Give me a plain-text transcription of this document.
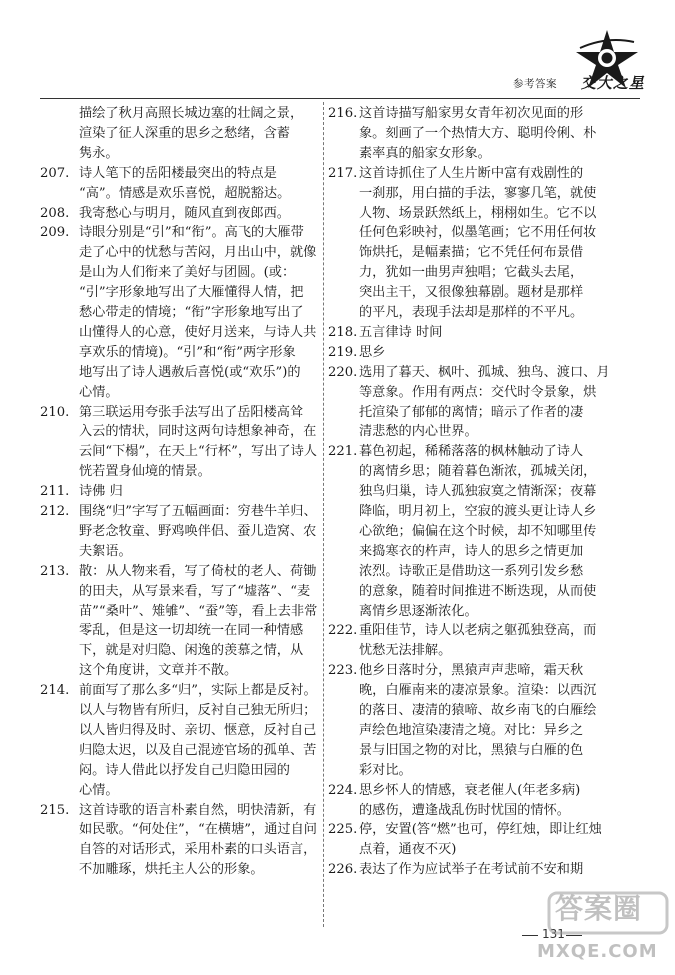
参考答案 交大之星
描绘了秋月高照长城边塞的壮阔之景，
渲染了征人深重的思乡之愁绪，含蓄
隽永。
207. 诗人笔下的岳阳楼最突出的特点是
“高”。情感是欢乐喜悦，超脱豁达。
208. 我寄愁心与明月，随风直到夜郎西。
209. 诗眼分别是“引”和“衔”。高飞的大雁带
走了心中的忧愁与苦闷，月出山中，就像
是山为人们衔来了美好与团圆。(或：
“引”字形象地写出了大雁懂得人情，把
愁心带走的情境；“衔”字形象地写出了
山懂得人的心意，使好月送来，与诗人共
享欢乐的情境)。“引”和“衔”两字形象
地写出了诗人遇赦后喜悦(或“欢乐”)的
心情。
210. 第三联运用夸张手法写出了岳阳楼高耸
入云的情状，同时这两句诗想象神奇，在
云间“下榻”，在天上“行杯”，写出了诗人
恍若置身仙境的情景。
211. 诗佛 归
212. 围绕“归”字写了五幅画面：穷巷牛羊归、
野老念牧童、野鸡唤伴侣、蚕儿造窝、农
夫絮语。
213. 散：从人物来看，写了倚杖的老人、荷锄
的田夫，从写景来看，写了“墟落”、“麦
苗”“桑叶”、雉雊”、“蚕”等，看上去非常
零乱，但是这一切却统一在同一种情感
下，就是对归隐、闲逸的羡慕之情，从
这个角度讲，文章并不散。
214. 前面写了那么多“归”，实际上都是反衬。
以人与物皆有所归，反衬自己独无所归；
以人皆归得及时、亲切、惬意，反衬自己
归隐太迟，以及自己混迹官场的孤单、苦
闷。诗人借此以抒发自己归隐田园的
心情。
215. 这首诗歌的语言朴素自然，明快清新，有
如民歌。“何处住”，“在横塘”，通过自问
自答的对话形式，采用朴素的口头语言，
不加雕琢，烘托主人公的形象。
216. 这首诗描写船家男女青年初次见面的形
象。刻画了一个热情大方、聪明伶俐、朴
素率真的船家女形象。
217. 这首诗抓住了人生片断中富有戏剧性的
一刹那，用白描的手法，寥寥几笔，就使
人物、场景跃然纸上，栩栩如生。它不以
任何色彩映衬，似墨笔画；它不用任何妆
饰烘托，是幅素描；它不凭任何布景借
力，犹如一曲男声独唱；它截头去尾，
突出主干，又很像独幕剧。题材是那样
的平凡，表现手法却是那样的不平凡。
218. 五言律诗 时间
219. 思乡
220. 选用了暮天、枫叶、孤城、独鸟、渡口、月
等意象。作用有两点：交代时令景象，烘
托渲染了郁郁的离情；暗示了作者的凄
清悲愁的内心世界。
221. 暮色初起，稀稀落落的枫林触动了诗人
的离情乡思；随着暮色渐浓，孤城关闭，
独鸟归巢，诗人孤独寂寞之情渐深；夜幕
降临，明月初上，空寂的渡头更让诗人乡
心欲绝；偏偏在这个时候，却不知哪里传
来捣寒衣的杵声，诗人的思乡之情更加
浓烈。诗歌正是借助这一系列引发乡愁
的意象，随着时间推进不断迭现，从而使
离情乡思逐渐浓化。
222. 重阳佳节，诗人以老病之躯孤独登高，而
忧愁无法排解。
223. 他乡日落时分，黑猿声声悲啼，霜天秋
晚，白雁南来的凄凉景象。渲染：以西沉
的落日、凄清的猿啼、故乡南飞的白雁绘
声绘色地渲染凄清之境。对比：异乡之
景与旧国之物的对比，黑猿与白雁的色
彩对比。
224. 思乡怀人的情感，衰老催人(年老多病)
的感伤，遭逢战乱伤时忧国的情怀。
225. 停，安置(答“燃”也可，停红烛，即让红烛
点着，通夜不灭)
226. 表达了作为应试举子在考试前不安和期
131
答案圈
MXQE.COM
